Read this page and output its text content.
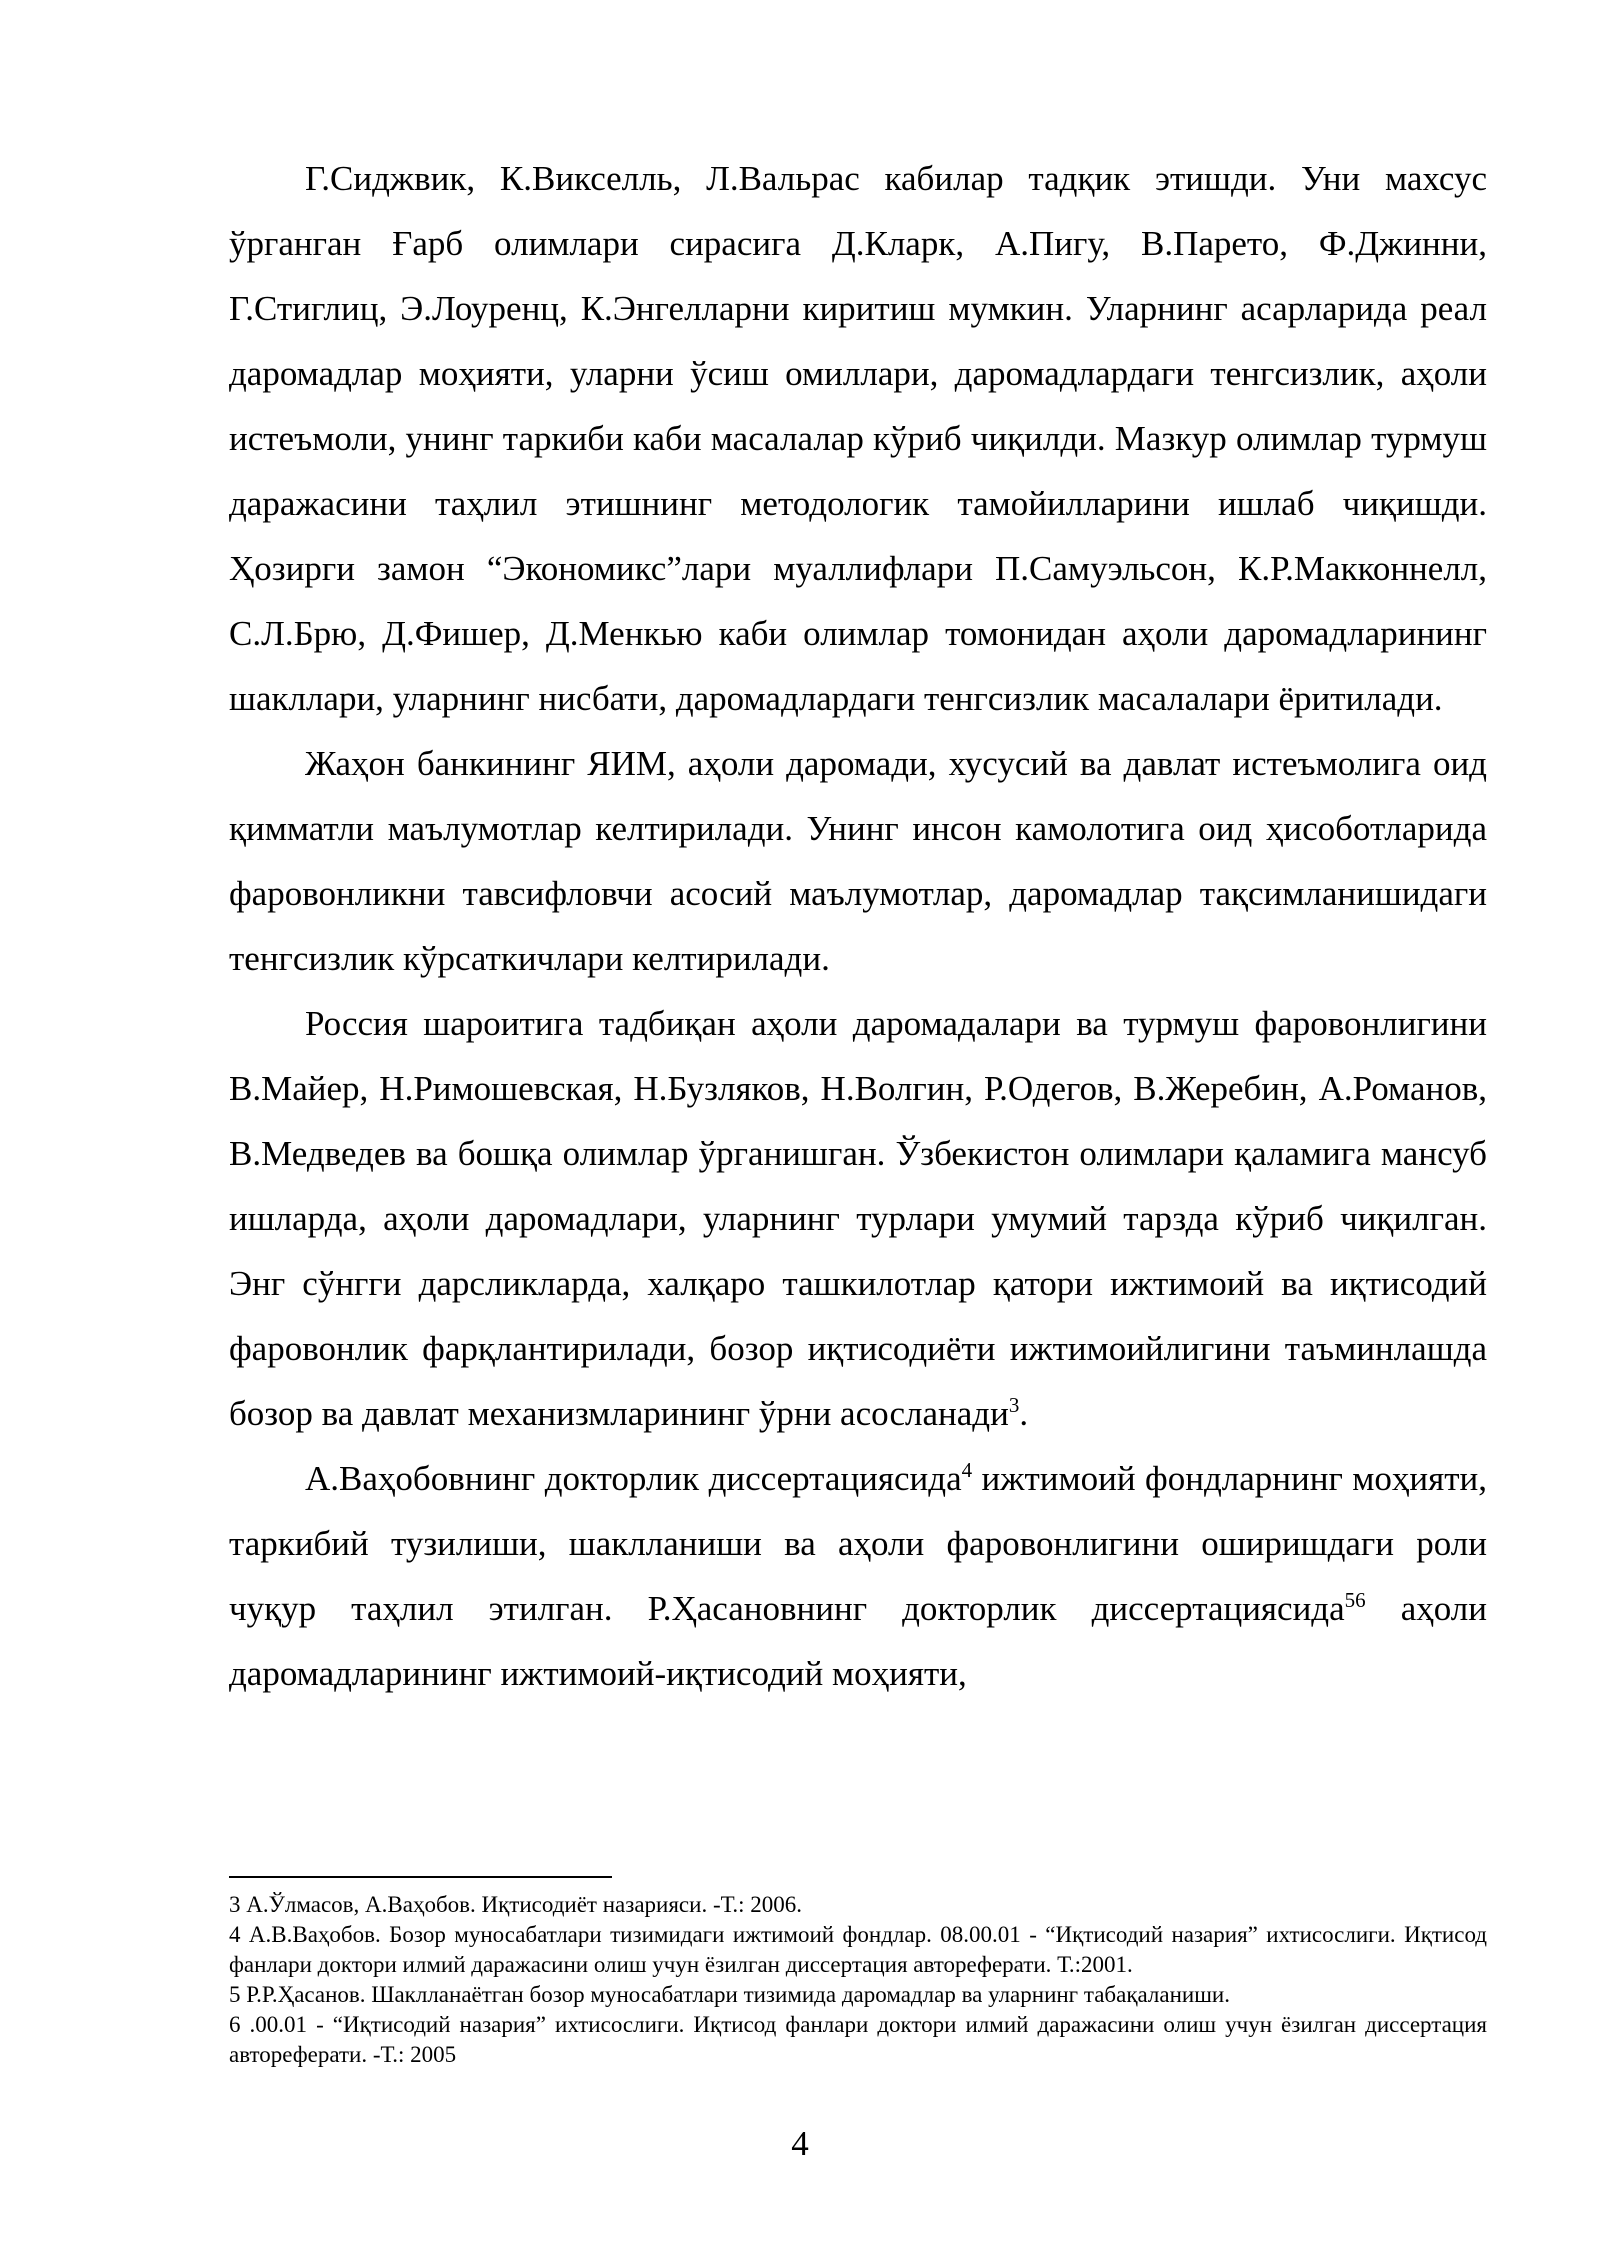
Г.Сиджвик, К.Викселль, Л.Вальрас кабилар тадқик этишди. Уни махсус ўрганган Ғарб олимлари сирасига Д.Кларк, А.Пигу, В.Парето, Ф.Джинни, Г.Стиглиц, Э.Лоуренц, К.Энгелларни киритиш мумкин. Уларнинг асарларида реал даромадлар моҳияти, уларни ўсиш омиллари, даромадлардаги тенгсизлик, аҳоли истеъмоли, унинг таркиби каби масалалар кўриб чиқилди. Мазкур олимлар турмуш даражасини таҳлил этишнинг методологик тамойилларини ишлаб чиқишди. Ҳозирги замон “Экономикс”лари муаллифлари П.Самуэльсон, К.Р.Макконнелл, С.Л.Брю, Д.Фишер, Д.Менкью каби олимлар томонидан аҳоли даромадларининг шакллари, уларнинг нисбати, даромадлардаги тенгсизлик масалалари ёритилади.

Жаҳон банкининг ЯИМ, аҳоли даромади, хусусий ва давлат истеъмолига оид қимматли маълумотлар келтирилади. Унинг инсон камолотига оид ҳисоботларида фаровонликни тавсифловчи асосий маълумотлар, даромадлар тақсимланишидаги тенгсизлик кўрсаткичлари келтирилади.

Россия шароитига тадбиқан аҳоли даромадалари ва турмуш фаровонлигини В.Майер, Н.Римошевская, Н.Бузляков, Н.Волгин, Р.Одегов, В.Жеребин, А.Романов, В.Медведев ва бошқа олимлар ўрганишган. Ўзбекистон олимлари қаламига мансуб ишларда, аҳоли даромадлари, уларнинг турлари умумий тарзда кўриб чиқилган. Энг сўнгги дарсликларда, халқаро ташкилотлар қатори ижтимоий ва иқтисодий фаровонлик фарқлантирилади, бозор иқтисодиёти ижтимоийлигини таъминлашда бозор ва давлат механизмларининг ўрни асосланади$^3$.

А.Ваҳобовнинг докторлик диссертациясида$^4$ ижтимоий фондларнинг моҳияти, таркибий тузилиши, шаклланиши ва аҳоли фаровонлигини оширишдаги роли чуқур таҳлил этилган. Р.Ҳасановнинг докторлик диссертациясида$^{56}$ аҳоли даромадларининг ижтимоий-иқтисодий моҳияти,

3 А.Ўлмасов, А.Ваҳобов. Иқтисодиёт назарияси. -Т.: 2006.

4 А.В.Ваҳобов. Бозор муносабатлари тизимидаги ижтимоий фондлар. 08.00.01 - “Иқтисодий назария” ихтисослиги. Иқтисод фанлари доктори илмий даражасини олиш учун ёзилган диссертация автореферати. Т.:2001.

5 Р.Р.Ҳасанов. Шаклланаётган бозор муносабатлари тизимида даромадлар ва уларнинг табақаланиши.

6 .00.01 - “Иқтисодий назария” ихтисослиги. Иқтисод фанлари доктори илмий даражасини олиш учун ёзилган диссертация автореферати. -Т.: 2005

4
